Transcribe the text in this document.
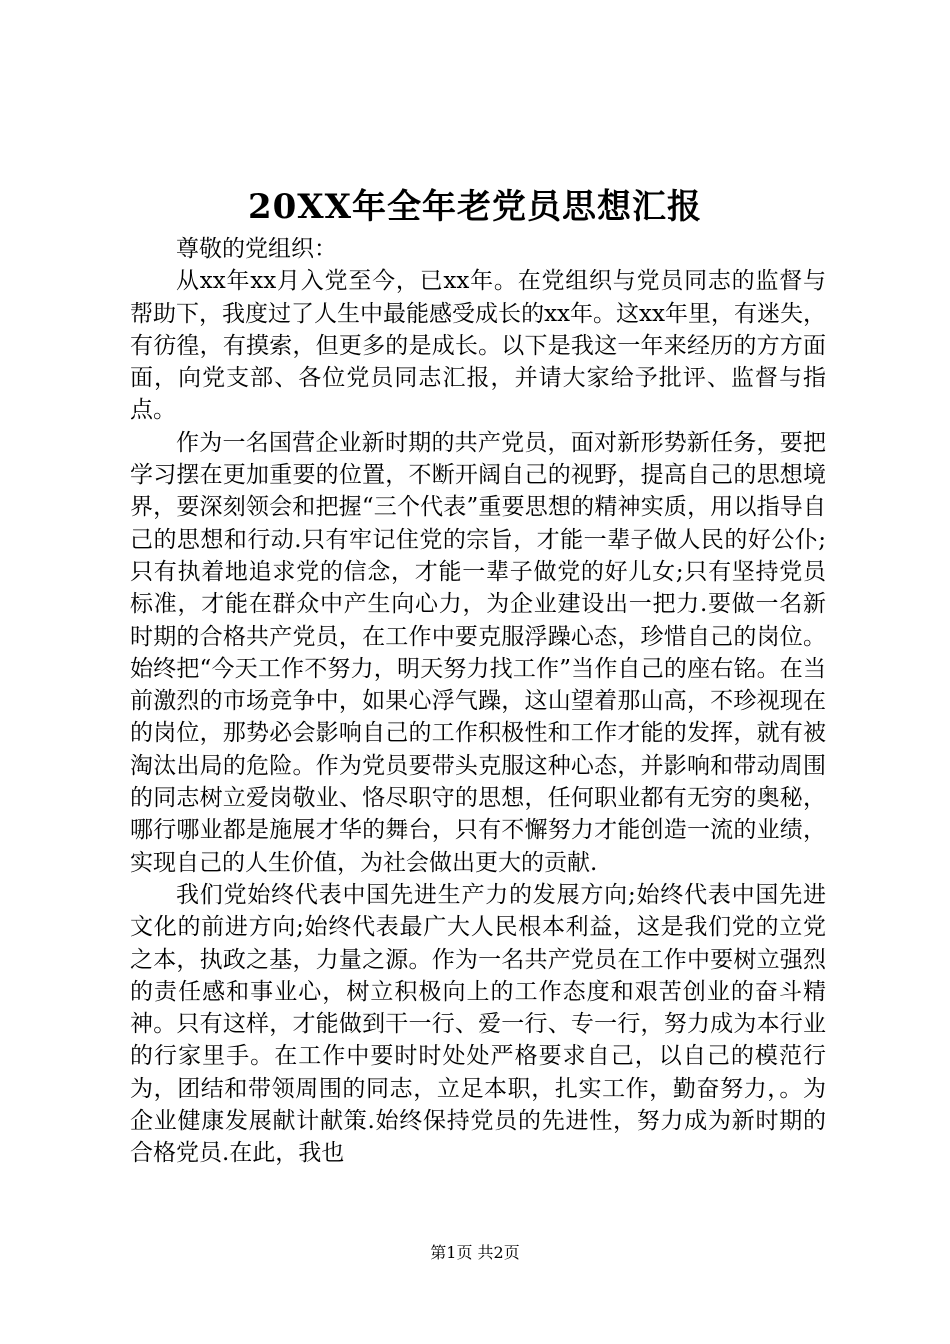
20XX年全年老党员思想汇报

尊敬的党组织：

从xx年xx月入党至今，已xx年。在党组织与党员同志的监督与帮助下，我度过了人生中最能感受成长的xx年。这xx年里，有迷失，有彷徨，有摸索，但更多的是成长。以下是我这一年来经历的方方面面，向党支部、各位党员同志汇报，并请大家给予批评、监督与指点。

作为一名国营企业新时期的共产党员，面对新形势新任务，要把学习摆在更加重要的位置，不断开阔自己的视野，提高自己的思想境界，要深刻领会和把握“三个代表”重要思想的精神实质，用以指导自己的思想和行动.只有牢记住党的宗旨，才能一辈子做人民的好公仆;只有执着地追求党的信念，才能一辈子做党的好儿女;只有坚持党员标准，才能在群众中产生向心力，为企业建设出一把力.要做一名新时期的合格共产党员，在工作中要克服浮躁心态，珍惜自己的岗位。始终把“今天工作不努力，明天努力找工作”当作自己的座右铭。在当前激烈的市场竞争中，如果心浮气躁，这山望着那山高，不珍视现在的岗位，那势必会影响自己的工作积极性和工作才能的发挥，就有被淘汰出局的危险。作为党员要带头克服这种心态，并影响和带动周围的同志树立爱岗敬业、恪尽职守的思想，任何职业都有无穷的奥秘，哪行哪业都是施展才华的舞台，只有不懈努力才能创造一流的业绩，实现自己的人生价值，为社会做出更大的贡献.

我们党始终代表中国先进生产力的发展方向;始终代表中国先进文化的前进方向;始终代表最广大人民根本利益，这是我们党的立党之本，执政之基，力量之源。作为一名共产党员在工作中要树立强烈的责任感和事业心，树立积极向上的工作态度和艰苦创业的奋斗精神。只有这样，才能做到干一行、爱一行、专一行，努力成为本行业的行家里手。在工作中要时时处处严格要求自己，以自己的模范行为，团结和带领周围的同志，立足本职，扎实工作，勤奋努力，。为企业健康发展献计献策.始终保持党员的先进性，努力成为新时期的合格党员.在此，我也

第1页 共2页
